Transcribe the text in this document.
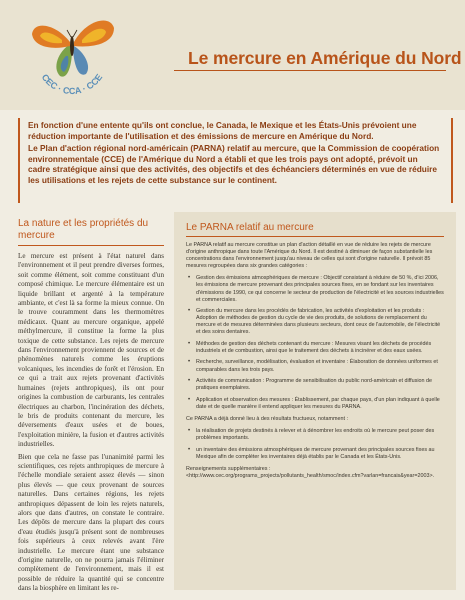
CEC · CCA · CCE
Le mercure en Amérique du Nord

En fonction d'une entente qu'ils ont conclue, le Canada, le Mexique et les États-Unis prévoient une réduction importante de l'utilisation et des émissions de mercure en Amérique du Nord.

Le Plan d'action régional nord-américain (PARNA) relatif au mercure, que la Commission de coopération environnementale (CCE) de l'Amérique du Nord a établi et que les trois pays ont adopté, prévoit un cadre stratégique ainsi que des activités, des objectifs et des échéanciers déterminés en vue de réduire les utilisations et les rejets de cette substance sur le continent.

La nature et les propriétés du mercure

Le mercure est présent à l'état naturel dans l'environnement et il peut prendre diverses formes, soit comme élément, soit comme constituant d'un composé chimique. Le mercure élémentaire est un liquide brillant et argenté à la température ambiante, et c'est là sa forme la mieux connue. On le trouve couramment dans les thermomètres médicaux. Quant au mercure organique, appelé méthylmercure, il constitue la forme la plus toxique de cette substance. Les rejets de mercure dans l'environnement proviennent de sources et de phénomènes naturels comme les éruptions volcaniques, les incendies de forêt et l'érosion. En ce qui a trait aux rejets provenant d'activités humaines (rejets anthropiques), ils ont pour origines la combustion de carburants, les centrales électriques au charbon, l'incinération des déchets, le bris de produits contenant du mercure, les déversements d'eaux usées et de boues, l'exploitation minière, la fusion et d'autres activités industrielles.

Bien que cela ne fasse pas l'unanimité parmi les scientifiques, ces rejets anthropiques de mercure à l'échelle mondiale seraient assez élevés — sinon plus élevés — que ceux provenant de sources naturelles. Dans certaines régions, les rejets anthropiques dépassent de loin les rejets naturels, alors que dans d'autres, on constate le contraire. Les dépôts de mercure dans la plupart des cours d'eau étudiés jusqu'à présent sont de nombreuses fois supérieurs à ceux relevés avant l'ère industrielle. Le mercure étant une substance d'origine naturelle, on ne pourra jamais l'éliminer complètement de l'environnement, mais il est possible de réduire la quantité qui se concentre dans la biosphère en limitant les re-

Le PARNA relatif au mercure

Le PARNA relatif au mercure constitue un plan d'action détaillé en vue de réduire les rejets de mercure d'origine anthropique dans toute l'Amérique du Nord. Il est destiné à diminuer de façon substantielle les concentrations dans l'environnement jusqu'au niveau de celles qui sont d'origine naturelle. Il prévoit 85 mesures regroupées dans six grandes catégories :

• Gestion des émissions atmosphériques de mercure : Objectif consistant à réduire de 50 %, d'ici 2006, les émissions de mercure provenant des principales sources fixes, en se fondant sur les inventaires d'émissions de 1990, ce qui concerne le secteur de production de l'électricité et les sources industrielles et commerciales.
• Gestion du mercure dans les procédés de fabrication, les activités d'exploitation et les produits : Adoption de méthodes de gestion du cycle de vie des produits, de solutions de remplacement du mercure et de mesures déterminées dans plusieurs secteurs, dont ceux de l'automobile, de l'électricité et des soins dentaires.
• Méthodes de gestion des déchets contenant du mercure : Mesures visant les déchets de procédés industriels et de combustion, ainsi que le traitement des déchets à incinérer et des eaux usées.
• Recherche, surveillance, modélisation, évaluation et inventaire : Élaboration de données uniformes et comparables dans les trois pays.
• Activités de communication : Programme de sensibilisation du public nord-américain et diffusion de pratiques exemplaires.
• Application et observation des mesures : Établissement, par chaque pays, d'un plan indiquant à quelle date et de quelle manière il entend appliquer les mesures du PARNA.

Ce PARNA a déjà donné lieu à des résultats fructueux, notamment :

• la réalisation de projets destinés à relever et à dénombrer les endroits où le mercure peut poser des problèmes importants.
• un inventaire des émissions atmosphériques de mercure provenant des principales sources fixes au Mexique afin de compléter les inventaires déjà établis par le Canada et les États-Unis.

Renseignements supplémentaires : <http://www.cec.org/programs_projects/pollutants_health/smoc/index.cfm?varlan=francais&year=2003>.
